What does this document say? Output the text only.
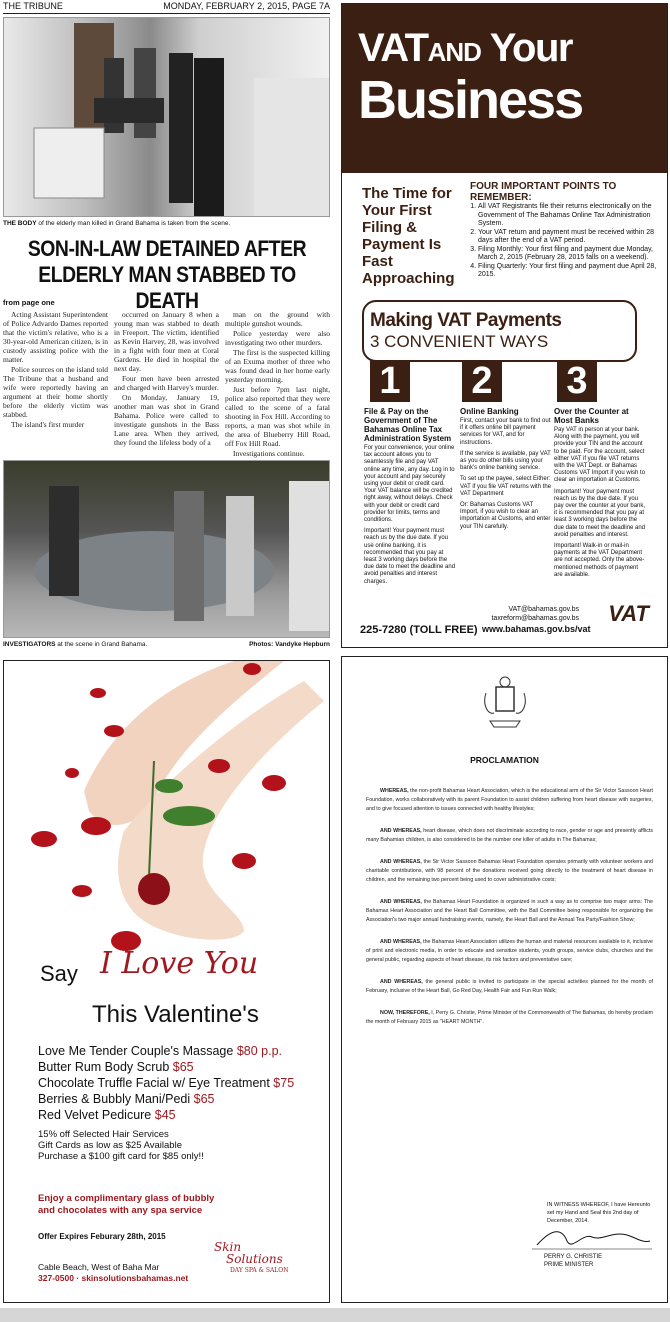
THE TRIBUNE	MONDAY, FEBRUARY 2, 2015, PAGE 7A
THE BODY of the elderly man killed in Grand Bahama is taken from the scene.
SON-IN-LAW DETAINED AFTER ELDERLY MAN STABBED TO DEATH
from page one

Acting Assistant Superintendent of Police Advardo Dames reported that the victim's relative, who is a 30-year-old American citizen, is in custody assisting police with the matter.

Police sources on the island told The Tribune that a husband and wife were reportedly having an argument at their home shortly before the elderly victim was stabbed.

The island's first murder

occurred on January 8 when a young man was stabbed to death in Freeport. The victim, identified as Kevin Harvey, 28, was involved in a fight with four men at Coral Gardens. He died in hospital the next day.

Four men have been arrested and charged with Harvey's murder.

On Monday, January 19, another man was shot in Grand Bahama. Police were called to investigate gunshots in the Bass Lane area. When they arrived, they found the lifeless body of a

man on the ground with multiple gunshot wounds.

Police yesterday were also investigating two other murders.

The first is the suspected killing of an Exuma mother of three who was found dead in her home early yesterday morning.

Just before 7pm last night, police also reported that they were called to the scene of a fatal shooting in Fox Hill. According to reports, a man was shot while in the area of Blueberry Hill Road, off Fox Hill Road.

Investigations continue.

INVESTIGATORS at the scene in Grand Bahama.	Photos: Vandyke Hepburn
VATAND Your
Business
The Time for Your First Filing & Payment Is Fast Approaching
FOUR IMPORTANT POINTS TO REMEMBER:
1. All VAT Registrants file their returns electronically on the Government of The Bahamas Online Tax Administration System.
2. Your VAT return and payment must be received within 28 days after the end of a VAT period.
3. Filing Monthly: Your first filing and payment due Monday, March 2, 2015 (February 28, 2015 falls on a weekend).
4. Filing Quarterly: Your first filing and payment due April 28, 2015.
Making VAT Payments
3 CONVENIENT WAYS
1 2 3
File & Pay on the Government of The Bahamas Online Tax Administration System

For your convenience, your online tax account allows you to seamlessly file and pay VAT online any time, any day. Log in to your account and pay securely using your debit or credit card. Your VAT balance will be credited right away, without delays. Check with your debit or credit card provider for limits, terms and conditions.

Important! Your payment must reach us by the due date. If you use online banking, it is recommended that you pay at least 3 working days before the due date to meet the deadline and avoid penalties and interest charges.

Online Banking

First, contact your bank to find out if it offers online bill payment services for VAT, and for instructions.

If the service is available, pay VAT as you do other bills using your bank's online banking service.

To set up the payee, select Either: VAT if you file VAT returns with the VAT Department

Or: Bahamas Customs VAT Import, if you wish to clear an importation at Customs, and enter your TIN carefully.

Over the Counter at Most Banks

Pay VAT in person at your bank. Along with the payment, you will provide your TIN and the account to be paid. For the account, select either VAT if you file VAT returns with the VAT Dept. or Bahamas Customs VAT Import if you wish to clear an importation at Customs.

Important! Your payment must reach us by the due date. If you pay over the counter at your bank, it is recommended that you pay at least 3 working days before the due date to meet the deadline and avoid penalties and interest.

Important! Walk-in or mail-in payments at the VAT Department are not accepted. Only the above-mentioned methods of payment are available.

VAT@bahamas.gov.bs
taxreform@bahamas.gov.bs VAT
225-7280 (TOLL FREE) www.bahamas.gov.bs/vat
Say I Love You
This Valentine's
Love Me Tender Couple's Massage $80 p.p.
Butter Rum Body Scrub $65
Chocolate Truffle Facial w/ Eye Treatment $75
Berries & Bubbly Mani/Pedi $65
Red Velvet Pedicure $45
15% off Selected Hair Services
Gift Cards as low as $25 Available
Purchase a $100 gift card for $85 only!!
Enjoy a complimentary glass of bubbly
and chocolates with any spa service
Offer Expires Feburary 28th, 2015
Cable Beach, West of Baha Mar
327-0500 · skinsolutionsbahamas.net
Skin
Solutions
DAY SPA & SALON
PROCLAMATION

WHEREAS, the non-profit Bahamas Heart Association, which is the educational arm of the Sir Victor Sassoon Heart Foundation, works collaboratively with its parent Foundation to assist children suffering from heart disease with surgeries, and to give focused attention to issues connected with healthy lifestyles;

AND WHEREAS, heart disease, which does not discriminate according to race, gender or age and presently afflicts many Bahamian children, is also considered to be the number one killer of adults in The Bahamas;

AND WHEREAS, the Sir Victor Sassoon Bahamas Heart Foundation operates primarily with volunteer workers and charitable contributions, with 98 percent of the donations received going directly to the treatment of heart disease in children, and the remaining two percent being used to cover administrative costs;

AND WHEREAS, the Bahamas Heart Foundation is organized in such a way as to comprise two major arms: The Bahamas Heart Association and the Heart Ball Committee, with the Ball Committee being responsible for organizing the Association's two major annual fundraising events, namely, the Heart Ball and the Annual Tea Party/Fashion Show;

AND WHEREAS, the Bahamas Heart Association utilizes the human and material resources available to it, inclusive of print and electronic media, in order to educate and sensitize students, youth groups, service clubs, churches and the general public, regarding aspects of heart disease, its risk factors and preventative care;

AND WHEREAS, the general public is invited to participate in the special activities planned for the month of February, inclusive of the Heart Ball, Go Red Day, Health Fair and Fun Run Walk;

NOW, THEREFORE, I, Perry G. Christie, Prime Minister of the Commonwealth of The Bahamas, do hereby proclaim the month of February 2015 as "HEART MONTH".

IN WITNESS WHEREOF, I have Hereunto set my Hand and Seal this 2nd day of December, 2014.
PERRY G. CHRISTIE
PRIME MINISTER
